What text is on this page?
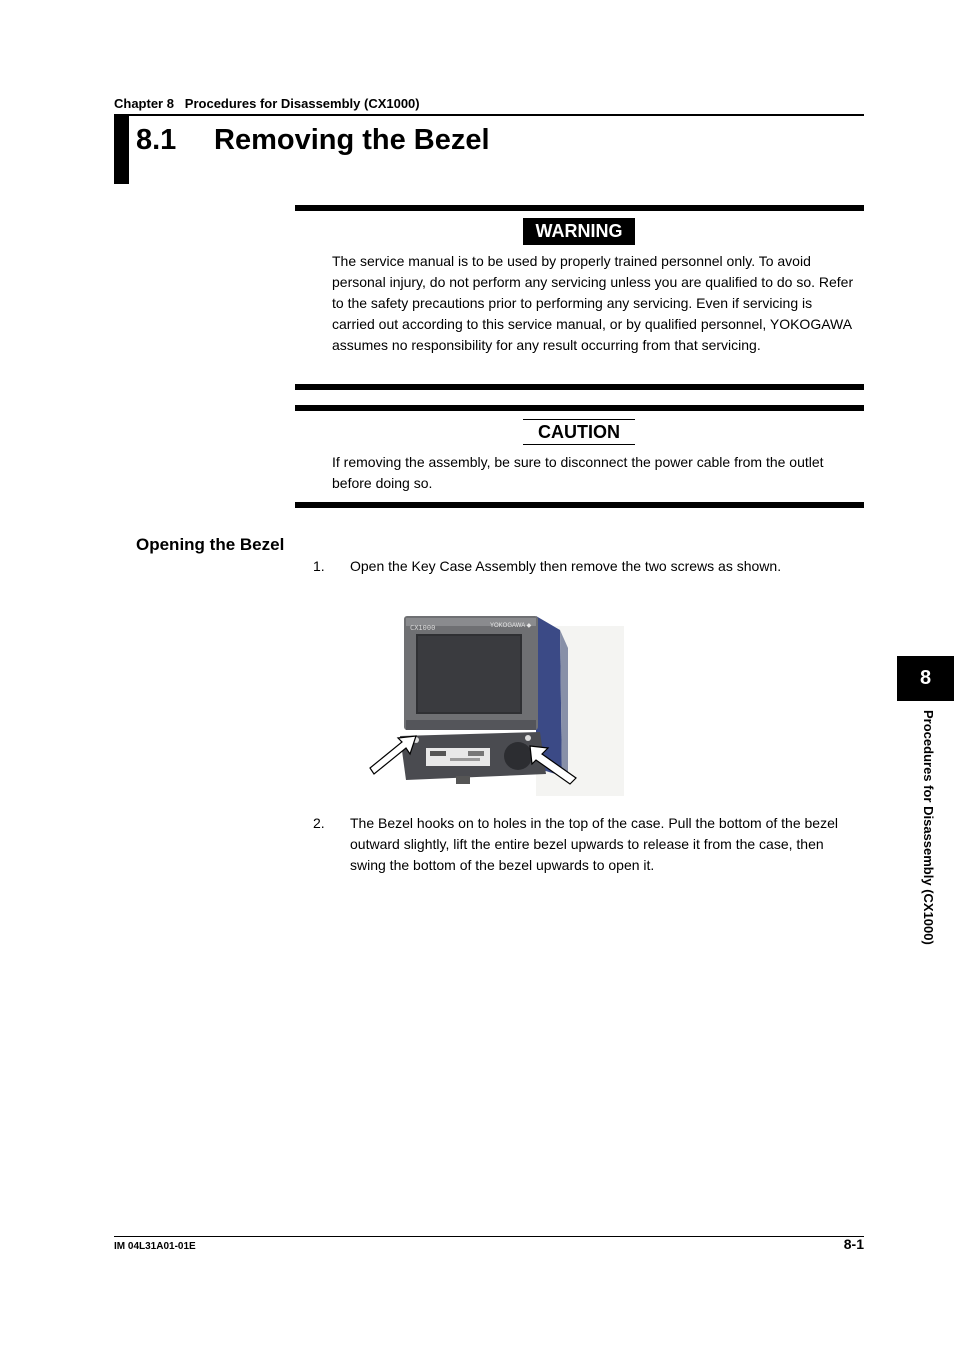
Chapter 8   Procedures for Disassembly (CX1000)
8.1 Removing the Bezel
WARNING
The service manual is to be used by properly trained personnel only. To avoid personal injury, do not perform any servicing unless you are qualified to do so. Refer to the safety precautions prior to performing any servicing. Even if servicing is carried out according to this service manual, or by qualified personnel, YOKOGAWA assumes no responsibility for any result occurring from that servicing.
CAUTION
If removing the assembly, be sure to disconnect the power cable from the outlet before doing so.
Opening the Bezel
1. Open the Key Case Assembly then remove the two screws as shown.
CX1000	YOKOGAWA ◆
2. The Bezel hooks on to holes in the top of the case. Pull the bottom of the bezel outward slightly, lift the entire bezel upwards to release it from the case, then swing the bottom of the bezel upwards to open it.
IM 04L31A01-01E	8-1
8
Procedures for Disassembly (CX1000)
